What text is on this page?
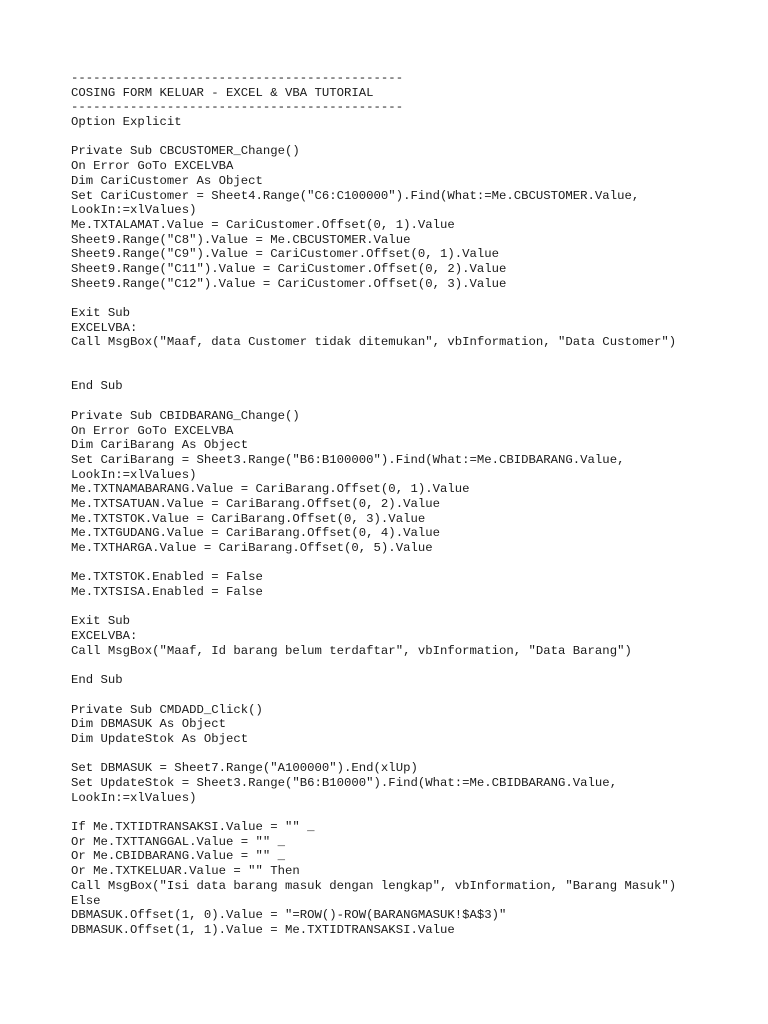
---------------------------------------------
COSING FORM KELUAR - EXCEL & VBA TUTORIAL
---------------------------------------------
Option Explicit
Private Sub CBCUSTOMER_Change()
On Error GoTo EXCELVBA
Dim CariCustomer As Object
Set CariCustomer = Sheet4.Range("C6:C100000").Find(What:=Me.CBCUSTOMER.Value,
LookIn:=xlValues)
Me.TXTALAMAT.Value = CariCustomer.Offset(0, 1).Value
Sheet9.Range("C8").Value = Me.CBCUSTOMER.Value
Sheet9.Range("C9").Value = CariCustomer.Offset(0, 1).Value
Sheet9.Range("C11").Value = CariCustomer.Offset(0, 2).Value
Sheet9.Range("C12").Value = CariCustomer.Offset(0, 3).Value
Exit Sub
EXCELVBA:
Call MsgBox("Maaf, data Customer tidak ditemukan", vbInformation, "Data Customer")
End Sub
Private Sub CBIDBARANG_Change()
On Error GoTo EXCELVBA
Dim CariBarang As Object
Set CariBarang = Sheet3.Range("B6:B100000").Find(What:=Me.CBIDBARANG.Value,
LookIn:=xlValues)
Me.TXTNAMABARANG.Value = CariBarang.Offset(0, 1).Value
Me.TXTSATUAN.Value = CariBarang.Offset(0, 2).Value
Me.TXTSTOK.Value = CariBarang.Offset(0, 3).Value
Me.TXTGUDANG.Value = CariBarang.Offset(0, 4).Value
Me.TXTHARGA.Value = CariBarang.Offset(0, 5).Value
Me.TXTSTOK.Enabled = False
Me.TXTSISA.Enabled = False
Exit Sub
EXCELVBA:
Call MsgBox("Maaf, Id barang belum terdaftar", vbInformation, "Data Barang")
End Sub
Private Sub CMDADD_Click()
Dim DBMASUK As Object
Dim UpdateStok As Object
Set DBMASUK = Sheet7.Range("A100000").End(xlUp)
Set UpdateStok = Sheet3.Range("B6:B10000").Find(What:=Me.CBIDBARANG.Value,
LookIn:=xlValues)
If Me.TXTIDTRANSAKSI.Value = "" _
Or Me.TXTTANGGAL.Value = "" _
Or Me.CBIDBARANG.Value = "" _
Or Me.TXTKELUAR.Value = "" Then
Call MsgBox("Isi data barang masuk dengan lengkap", vbInformation, "Barang Masuk")
Else
DBMASUK.Offset(1, 0).Value = "=ROW()-ROW(BARANGMASUK!$A$3)"
DBMASUK.Offset(1, 1).Value = Me.TXTIDTRANSAKSI.Value
